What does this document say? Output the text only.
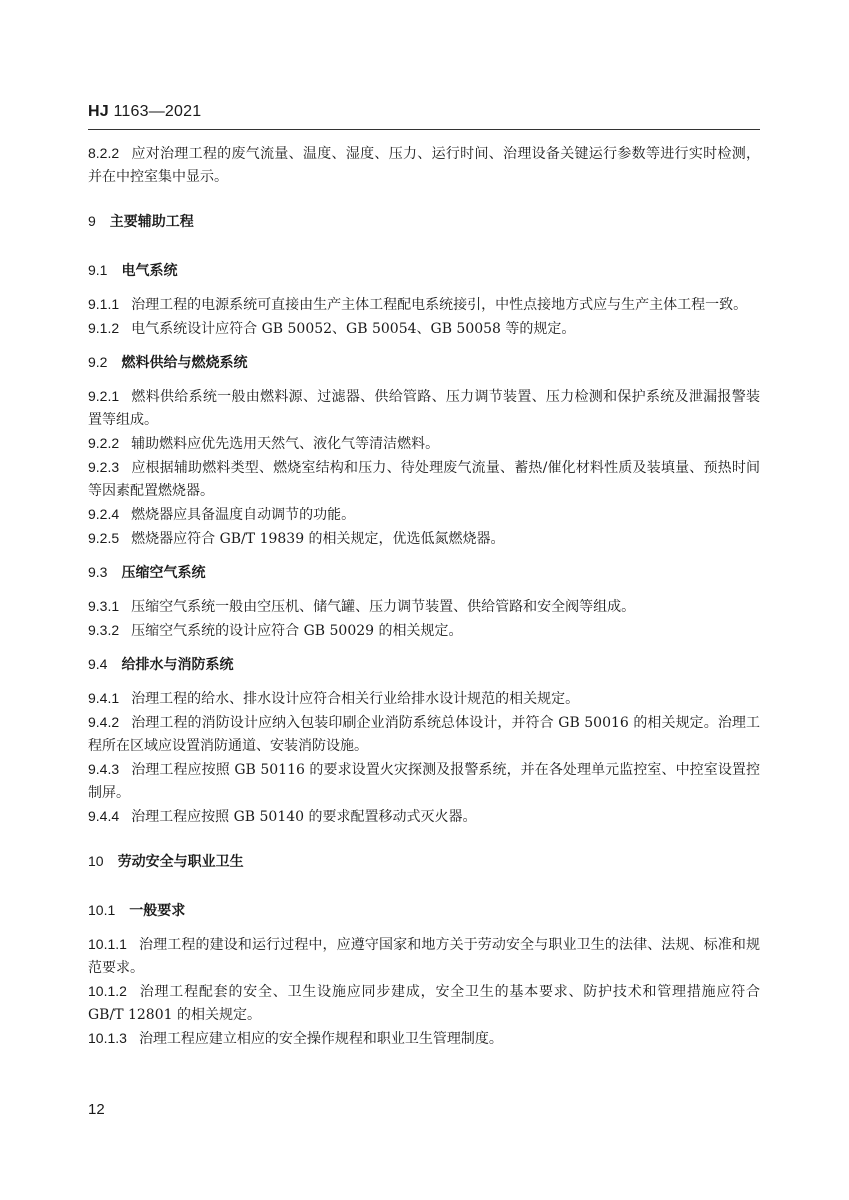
HJ 1163—2021

8.2.2 应对治理工程的废气流量、温度、湿度、压力、运行时间、治理设备关键运行参数等进行实时检测，并在中控室集中显示。

9 主要辅助工程

9.1 电气系统

9.1.1 治理工程的电源系统可直接由生产主体工程配电系统接引，中性点接地方式应与生产主体工程一致。

9.1.2 电气系统设计应符合 GB 50052、GB 50054、GB 50058 等的规定。

9.2 燃料供给与燃烧系统

9.2.1 燃料供给系统一般由燃料源、过滤器、供给管路、压力调节装置、压力检测和保护系统及泄漏报警装置等组成。

9.2.2 辅助燃料应优先选用天然气、液化气等清洁燃料。

9.2.3 应根据辅助燃料类型、燃烧室结构和压力、待处理废气流量、蓄热/催化材料性质及装填量、预热时间等因素配置燃烧器。

9.2.4 燃烧器应具备温度自动调节的功能。

9.2.5 燃烧器应符合 GB/T 19839 的相关规定，优选低氮燃烧器。

9.3 压缩空气系统

9.3.1 压缩空气系统一般由空压机、储气罐、压力调节装置、供给管路和安全阀等组成。

9.3.2 压缩空气系统的设计应符合 GB 50029 的相关规定。

9.4 给排水与消防系统

9.4.1 治理工程的给水、排水设计应符合相关行业给排水设计规范的相关规定。

9.4.2 治理工程的消防设计应纳入包装印刷企业消防系统总体设计，并符合 GB 50016 的相关规定。治理工程所在区域应设置消防通道、安装消防设施。

9.4.3 治理工程应按照 GB 50116 的要求设置火灾探测及报警系统，并在各处理单元监控室、中控室设置控制屏。

9.4.4 治理工程应按照 GB 50140 的要求配置移动式灭火器。

10 劳动安全与职业卫生

10.1 一般要求

10.1.1 治理工程的建设和运行过程中，应遵守国家和地方关于劳动安全与职业卫生的法律、法规、标准和规范要求。

10.1.2 治理工程配套的安全、卫生设施应同步建成，安全卫生的基本要求、防护技术和管理措施应符合 GB/T 12801 的相关规定。

10.1.3 治理工程应建立相应的安全操作规程和职业卫生管理制度。

12
